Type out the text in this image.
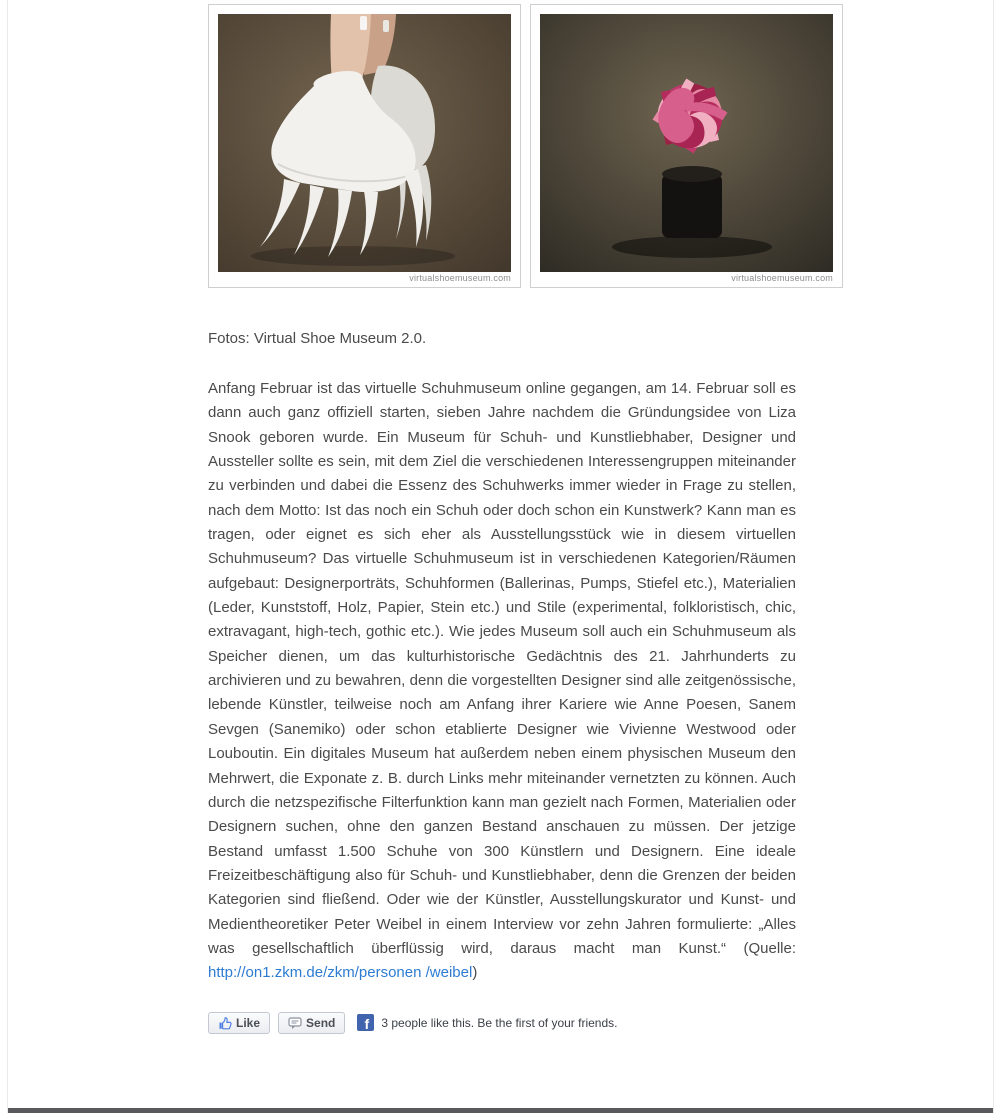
virtualshoemuseum.com	virtualshoemuseum.com

Fotos: Virtual Shoe Museum 2.0.

Anfang Februar ist das virtuelle Schuhmuseum online gegangen, am 14. Februar soll es dann auch ganz offiziell starten, sieben Jahre nachdem die Gründungsidee von Liza Snook geboren wurde. Ein Museum für Schuh- und Kunstliebhaber, Designer und Aussteller sollte es sein, mit dem Ziel die verschiedenen Interessengruppen miteinander zu verbinden und dabei die Essenz des Schuhwerks immer wieder in Frage zu stellen, nach dem Motto: Ist das noch ein Schuh oder doch schon ein Kunstwerk? Kann man es tragen, oder eignet es sich eher als Ausstellungsstück wie in diesem virtuellen Schuhmuseum? Das virtuelle Schuhmuseum ist in verschiedenen Kategorien/Räumen aufgebaut: Designerporträts, Schuhformen (Ballerinas, Pumps, Stiefel etc.), Materialien (Leder, Kunststoff, Holz, Papier, Stein etc.) und Stile (experimental, folkloristisch, chic, extravagant, high-tech, gothic etc.). Wie jedes Museum soll auch ein Schuhmuseum als Speicher dienen, um das kulturhistorische Gedächtnis des 21. Jahrhunderts zu archivieren und zu bewahren, denn die vorgestellten Designer sind alle zeitgenössische, lebende Künstler, teilweise noch am Anfang ihrer Kariere wie Anne Poesen, Sanem Sevgen (Sanemiko) oder schon etablierte Designer wie Vivienne Westwood oder Louboutin. Ein digitales Museum hat außerdem neben einem physischen Museum den Mehrwert, die Exponate z. B. durch Links mehr miteinander vernetzten zu können. Auch durch die netzspezifische Filterfunktion kann man gezielt nach Formen, Materialien oder Designern suchen, ohne den ganzen Bestand anschauen zu müssen. Der jetzige Bestand umfasst 1.500 Schuhe von 300 Künstlern und Designern. Eine ideale Freizeitbeschäftigung also für Schuh- und Kunstliebhaber, denn die Grenzen der beiden Kategorien sind fließend. Oder wie der Künstler, Ausstellungskurator und Kunst- und Medientheoretiker Peter Weibel in einem Interview vor zehn Jahren formulierte: „Alles was gesellschaftlich überflüssig wird, daraus macht man Kunst.“ (Quelle: http://on1.zkm.de/zkm/personen /weibel)

Like	Send f 3 people like this. Be the first of your friends.
